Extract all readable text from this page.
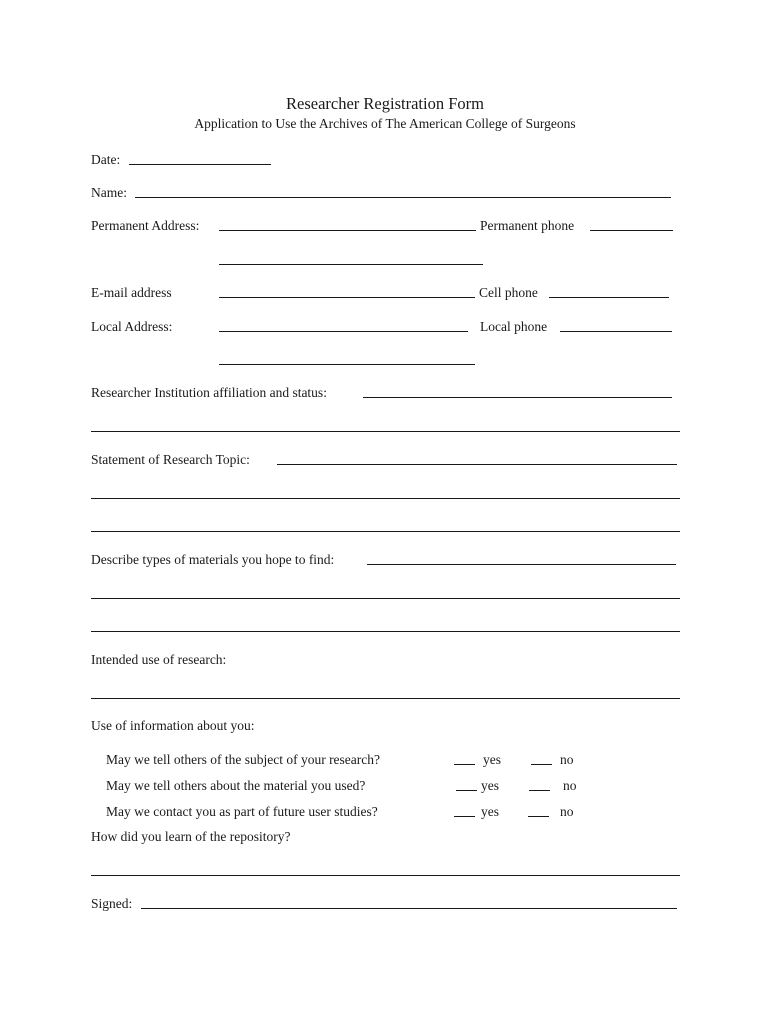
Researcher Registration Form
Application to Use the Archives of The American College of Surgeons
Date:
Name:
Permanent Address:	Permanent phone
E-mail address	Cell phone
Local Address:	Local phone
Researcher Institution affiliation and status:
Statement of Research Topic:
Describe types of materials you hope to find:
Intended use of research:
Use of information about you:
May we tell others of the subject of your research?	yes	no
May we tell others about the material you used?	yes	no
May we contact you as part of future user studies?	yes	no
How did you learn of the repository?
Signed:
